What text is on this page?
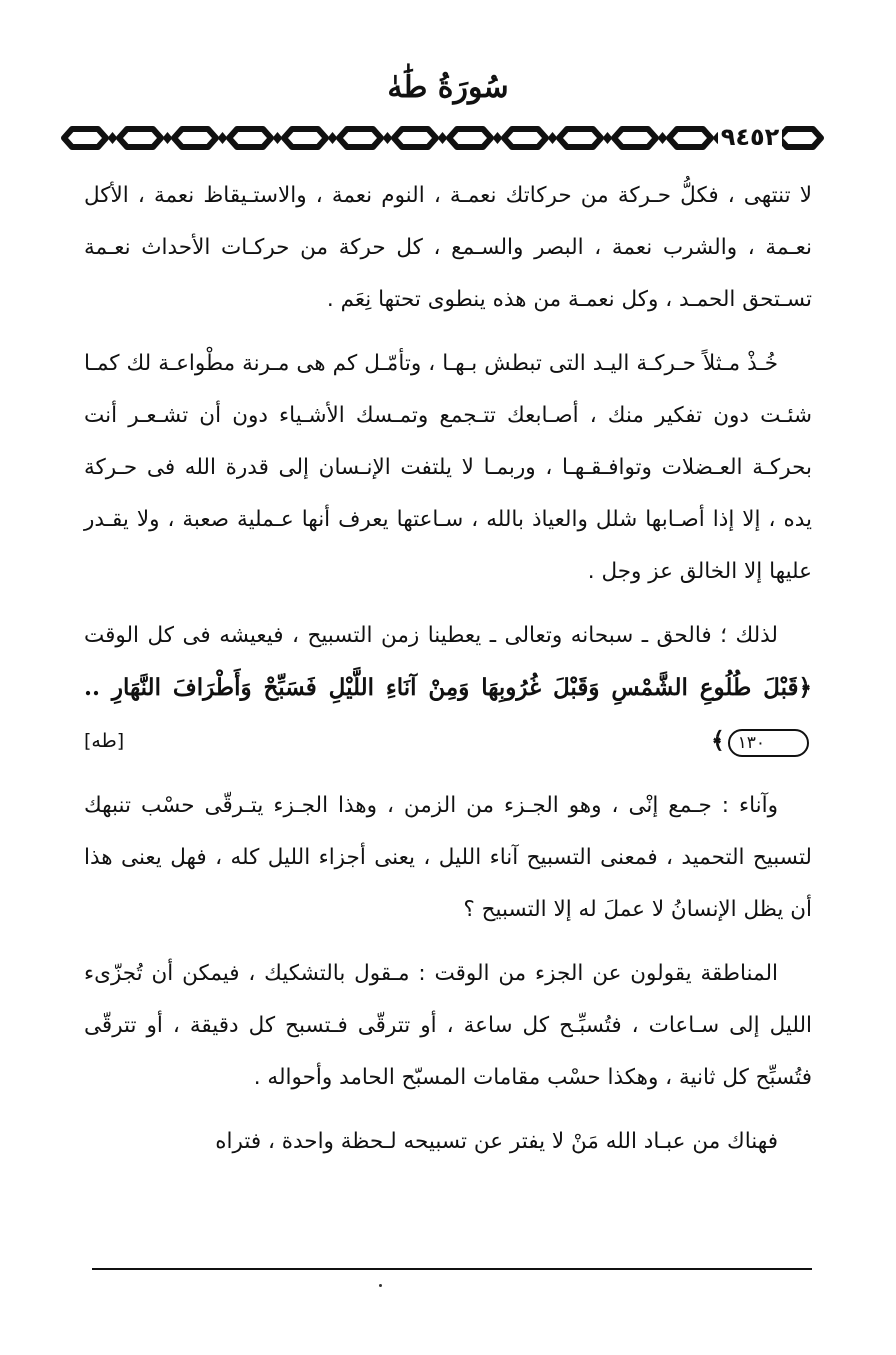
سُورَةُ طَٰهٰ
٩٤٥٢

لا تنتهى ، فكلُّ حـركة من حركاتك نعمـة ، النوم نعمة ، والاستـيقاظ نعمة ، الأكل نعـمة ، والشرب نعمة ، البصر والسـمع ، كل حركة من حركـات الأحداث نعـمة تسـتحق الحمـد ، وكل نعمـة من هذه ينطوى تحتها نِعَم .

خُـذْ مـثلاً حـركـة اليـد التى تبطش بـهـا ، وتأمّـل كم هى مـرنة مطْواعـة لك كمـا شئـت دون تفكير منك ، أصـابعك تتـجمع وتمـسك الأشـياء دون أن تشـعـر أنت بحركـة العـضلات وتوافـقـهـا ، وربمـا لا يلتفت الإنـسان إلى قدرة الله فى حـركة يده ، إلا إذا أصـابها شلل والعياذ بالله ، سـاعتها يعرف أنها عـملية صعبة ، ولا يقـدر عليها إلا الخالق عز وجل .

لذلك ؛ فالحق ـ سبحانه وتعالى ـ يعطينا زمن التسبيح ، فيعيشه فى كل الوقت ﴿قَبْلَ طُلُوعِ الشَّمْسِ وَقَبْلَ غُرُوبِهَا وَمِنْ آنَاءِ اللَّيْلِ فَسَبِّحْ وَأَطْرَافَ النَّهَارِ ..١٣٠﴾
[طه]

وآناء : جـمع إنْى ، وهو الجـزء من الزمن ، وهذا الجـزء يتـرقّى حسْب تنبهك لتسبيح التحميد ، فمعنى التسبيح آناء الليل ، يعنى أجزاء الليل كله ، فهل يعنى هذا أن يظل الإنسانُ لا عملَ له إلا التسبيح ؟

المناطقة يقولون عن الجزء من الوقت : مـقول بالتشكيك ، فيمكن أن تُجزّىء الليل إلى سـاعات ، فتُسبِّـح كل ساعة ، أو تترقّى فـتسبح كل دقيقة ، أو تترقّى فتُسبِّح كل ثانية ، وهكذا حسْب مقامات المسبّح الحامد وأحواله .

فهناك من عبـاد الله مَنْ لا يفتر عن تسبيحه لـحظة واحدة ، فتراه
